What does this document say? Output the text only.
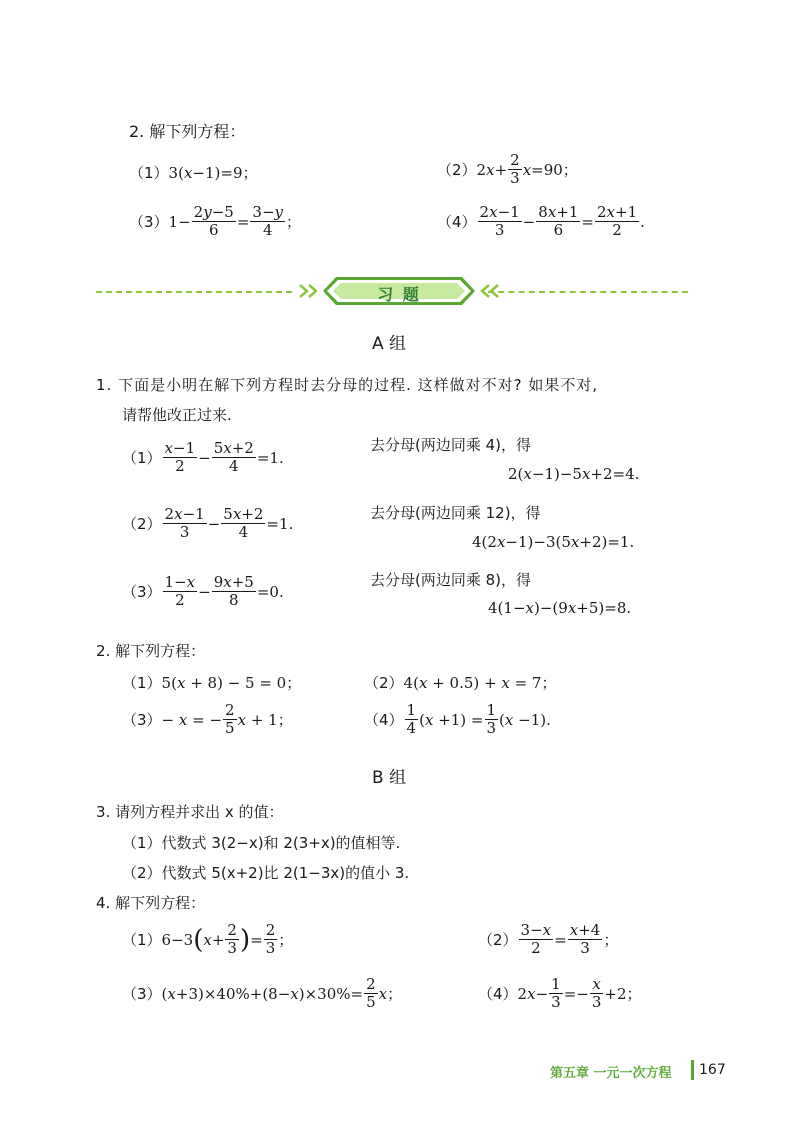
2. 解下列方程：
（1）3(x−1)=9；	（2） $2x+ \frac{2}{3} x=90$；
（3） $1- \frac{2y-5}{6} = \frac{3-y}{4}$ ；	$(4) \frac{2x-1}{3} - \frac{8x+1}{6} = \frac{2x+1}{2}$ .
习 题
A 组
1. 下面是小明在解下列方程时去分母的过程. 这样做对不对? 如果不对,
请帮他改正过来.
$(1) \frac{x-1}{2} - \frac{5x+2}{4} =1$.
去分母(两边同乘 4)，得
2(x−1)−5x+2=4.
$(2) \frac{2x-1}{3} - \frac{5x+2}{4} =1$.
去分母(两边同乘 12)，得
4(2x−1)−3(5x+2)=1.
$(3) \frac{1-x}{2} - \frac{9x+5}{8} =0$.
去分母(两边同乘 8)，得
4(1−x)−(9x+5)=8.
2. 解下列方程：
（1）5(x + 8) − 5 = 0；	（2）4(x + 0.5) + x = 7；
（3） − x = − $\frac{2}{5}$ x + 1；	$(4) \frac{1}{4} (x +1) = \frac{1}{3} (x -1)$.
B 组
3. 请列方程并求出 x 的值：
（1）代数式 3(2−x)和 2(3+x)的值相等.
（2）代数式 5(x+2)比 2(1−3x)的值小 3.
4. 解下列方程：
（1） 6−3 ( $x+ \frac{2}{3}$ ) = $\frac{2}{3}$ ；	$(2) \frac{3-x}{2} = \frac{x+4}{3}$ ；
（3） $(x+3)\times 40\%+(8-x)\times 30\%= \frac{2}{5}$ x；	（4） $2x- \frac{1}{3} =- \frac{x}{3} +2$；
第五章 一元一次方程 167
